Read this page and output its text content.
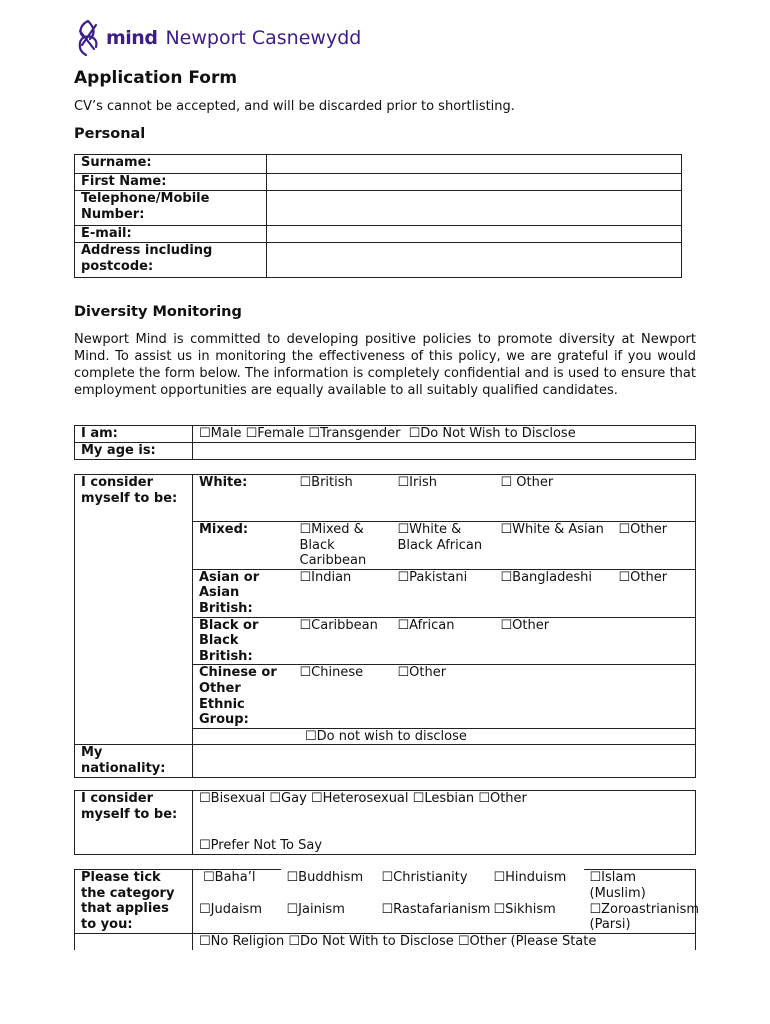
mind Newport Casnewydd
Application Form
CV’s cannot be accepted, and will be discarded prior to shortlisting.
Personal
Surname:	
First Name:	
Telephone/Mobile Number:	
E-mail:	
Address including postcode:	
Diversity Monitoring
Newport Mind is committed to developing positive policies to promote diversity at Newport Mind. To assist us in monitoring the effectiveness of this policy, we are grateful if you would complete the form below. The information is completely confidential and is used to ensure that employment opportunities are equally available to all suitably qualified candidates.
I am:	☐ Male ☐ Female ☐ Transgender ☐ Do Not Wish to Disclose
My age is:	
I consider myself to be:	White:	☐ British	☐ Irish	☐ Other	
	Mixed:	☐ Mixed & Black Caribbean	☐ White & Black African	☐ White & Asian	☐ Other
	Asian or Asian British:	☐ Indian	☐ Pakistani	☐ Bangladeshi	☐ Other
	Black or Black British:	☐ Caribbean	☐ African	☐ Other	
	Chinese or Other Ethnic Group:	☐ Chinese	☐ Other		
	☐ Do not wish to disclose
My nationality:					
I consider myself to be:	
☐ Bisexual ☐ Gay ☐ Heterosexual ☐ Lesbian ☐ Other
☐ Prefer Not To Say
Please tick the category that applies to you:	☐ Baha’l	☐ Buddhism	☐ Christianity	☐ Hinduism	☐ Islam (Muslim)
	☐ Judaism	☐ Jainism	☐ Rastafarianism	☐ Sikhism	☐ Zoroastrianism (Parsi)
	☐ No Religion ☐ Do Not With to Disclose ☐ Other (Please State
